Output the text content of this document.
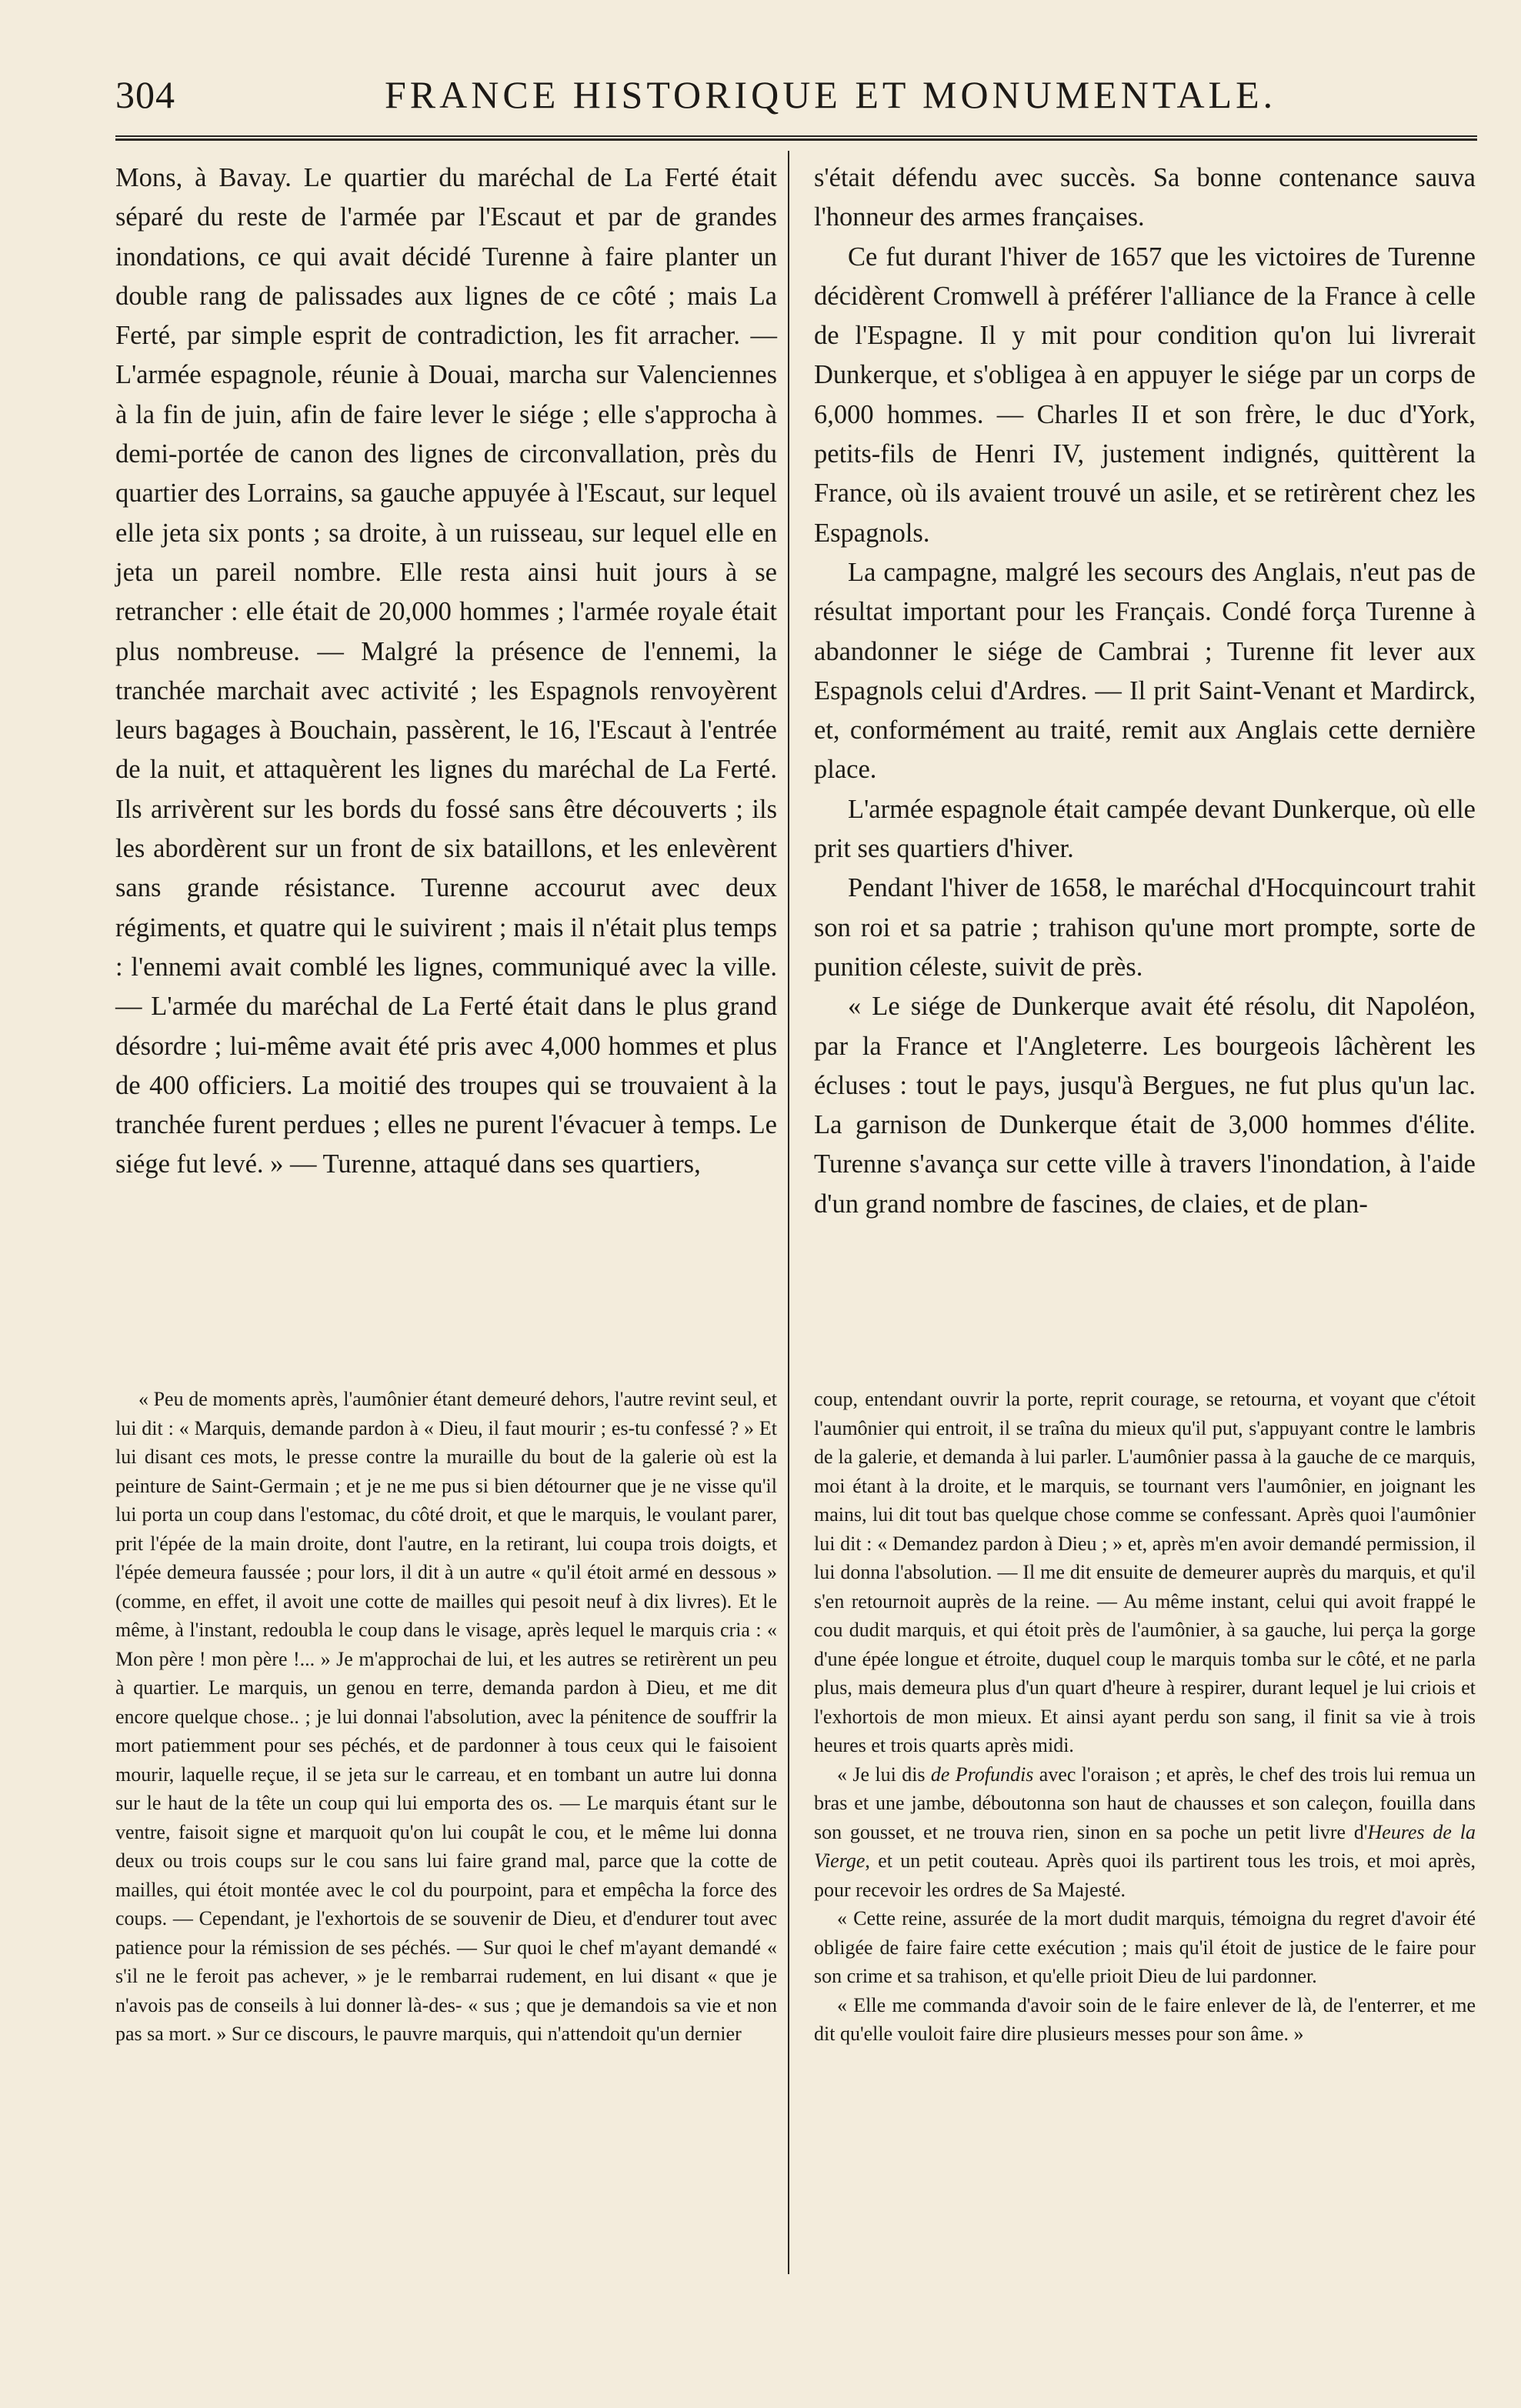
304	FRANCE HISTORIQUE ET MONUMENTALE.

Mons, à Bavay. Le quartier du maréchal de La Ferté était séparé du reste de l'armée par l'Escaut et par de grandes inondations, ce qui avait décidé Turenne à faire planter un double rang de palissades aux lignes de ce côté ; mais La Ferté, par simple esprit de contradiction, les fit arracher. — L'armée espagnole, réunie à Douai, marcha sur Valenciennes à la fin de juin, afin de faire lever le siége ; elle s'approcha à demi-portée de canon des lignes de circonvallation, près du quartier des Lorrains, sa gauche appuyée à l'Escaut, sur lequel elle jeta six ponts ; sa droite, à un ruisseau, sur lequel elle en jeta un pareil nombre. Elle resta ainsi huit jours à se retrancher : elle était de 20,000 hommes ; l'armée royale était plus nombreuse. — Malgré la présence de l'ennemi, la tranchée marchait avec activité ; les Espagnols renvoyèrent leurs bagages à Bouchain, passèrent, le 16, l'Escaut à l'entrée de la nuit, et attaquèrent les lignes du maréchal de La Ferté. Ils arrivèrent sur les bords du fossé sans être découverts ; ils les abordèrent sur un front de six bataillons, et les enlevèrent sans grande résistance. Turenne accourut avec deux régiments, et quatre qui le suivirent ; mais il n'était plus temps : l'ennemi avait comblé les lignes, communiqué avec la ville. — L'armée du maréchal de La Ferté était dans le plus grand désordre ; lui-même avait été pris avec 4,000 hommes et plus de 400 officiers. La moitié des troupes qui se trouvaient à la tranchée furent perdues ; elles ne purent l'évacuer à temps. Le siége fut levé. » — Turenne, attaqué dans ses quartiers,

s'était défendu avec succès. Sa bonne contenance sauva l'honneur des armes françaises.

Ce fut durant l'hiver de 1657 que les victoires de Turenne décidèrent Cromwell à préférer l'alliance de la France à celle de l'Espagne. Il y mit pour condition qu'on lui livrerait Dunkerque, et s'obligea à en appuyer le siége par un corps de 6,000 hommes. — Charles II et son frère, le duc d'York, petits-fils de Henri IV, justement indignés, quittèrent la France, où ils avaient trouvé un asile, et se retirèrent chez les Espagnols.

La campagne, malgré les secours des Anglais, n'eut pas de résultat important pour les Français. Condé força Turenne à abandonner le siége de Cambrai ; Turenne fit lever aux Espagnols celui d'Ardres. — Il prit Saint-Venant et Mardirck, et, conformément au traité, remit aux Anglais cette dernière place.

L'armée espagnole était campée devant Dunkerque, où elle prit ses quartiers d'hiver.

Pendant l'hiver de 1658, le maréchal d'Hocquincourt trahit son roi et sa patrie ; trahison qu'une mort prompte, sorte de punition céleste, suivit de près.

« Le siége de Dunkerque avait été résolu, dit Napoléon, par la France et l'Angleterre. Les bourgeois lâchèrent les écluses : tout le pays, jusqu'à Bergues, ne fut plus qu'un lac. La garnison de Dunkerque était de 3,000 hommes d'élite. Turenne s'avança sur cette ville à travers l'inondation, à l'aide d'un grand nombre de fascines, de claies, et de plan-

« Peu de moments après, l'aumônier étant demeuré dehors, l'autre revint seul, et lui dit : « Marquis, demande pardon à « Dieu, il faut mourir ; es-tu confessé ? » Et lui disant ces mots, le presse contre la muraille du bout de la galerie où est la peinture de Saint-Germain ; et je ne me pus si bien détourner que je ne visse qu'il lui porta un coup dans l'estomac, du côté droit, et que le marquis, le voulant parer, prit l'épée de la main droite, dont l'autre, en la retirant, lui coupa trois doigts, et l'épée demeura faussée ; pour lors, il dit à un autre « qu'il étoit armé en dessous » (comme, en effet, il avoit une cotte de mailles qui pesoit neuf à dix livres). Et le même, à l'instant, redoubla le coup dans le visage, après lequel le marquis cria : « Mon père ! mon père !... » Je m'approchai de lui, et les autres se retirèrent un peu à quartier. Le marquis, un genou en terre, demanda pardon à Dieu, et me dit encore quelque chose.. ; je lui donnai l'absolution, avec la pénitence de souffrir la mort patiemment pour ses péchés, et de pardonner à tous ceux qui le faisoient mourir, laquelle reçue, il se jeta sur le carreau, et en tombant un autre lui donna sur le haut de la tête un coup qui lui emporta des os. — Le marquis étant sur le ventre, faisoit signe et marquoit qu'on lui coupât le cou, et le même lui donna deux ou trois coups sur le cou sans lui faire grand mal, parce que la cotte de mailles, qui étoit montée avec le col du pourpoint, para et empêcha la force des coups. — Cependant, je l'exhortois de se souvenir de Dieu, et d'endurer tout avec patience pour la rémission de ses péchés. — Sur quoi le chef m'ayant demandé « s'il ne le feroit pas achever, » je le rembarrai rudement, en lui disant « que je n'avois pas de conseils à lui donner là-des- « sus ; que je demandois sa vie et non pas sa mort. » Sur ce discours, le pauvre marquis, qui n'attendoit qu'un dernier

coup, entendant ouvrir la porte, reprit courage, se retourna, et voyant que c'étoit l'aumônier qui entroit, il se traîna du mieux qu'il put, s'appuyant contre le lambris de la galerie, et demanda à lui parler. L'aumônier passa à la gauche de ce marquis, moi étant à la droite, et le marquis, se tournant vers l'aumônier, en joignant les mains, lui dit tout bas quelque chose comme se confessant. Après quoi l'aumônier lui dit : « Demandez pardon à Dieu ; » et, après m'en avoir demandé permission, il lui donna l'absolution. — Il me dit ensuite de demeurer auprès du marquis, et qu'il s'en retournoit auprès de la reine. — Au même instant, celui qui avoit frappé le cou dudit marquis, et qui étoit près de l'aumônier, à sa gauche, lui perça la gorge d'une épée longue et étroite, duquel coup le marquis tomba sur le côté, et ne parla plus, mais demeura plus d'un quart d'heure à respirer, durant lequel je lui criois et l'exhortois de mon mieux. Et ainsi ayant perdu son sang, il finit sa vie à trois heures et trois quarts après midi.

« Je lui dis de Profundis avec l'oraison ; et après, le chef des trois lui remua un bras et une jambe, déboutonna son haut de chausses et son caleçon, fouilla dans son gousset, et ne trouva rien, sinon en sa poche un petit livre d'Heures de la Vierge, et un petit couteau. Après quoi ils partirent tous les trois, et moi après, pour recevoir les ordres de Sa Majesté.

« Cette reine, assurée de la mort dudit marquis, témoigna du regret d'avoir été obligée de faire faire cette exécution ; mais qu'il étoit de justice de le faire pour son crime et sa trahison, et qu'elle prioit Dieu de lui pardonner.

« Elle me commanda d'avoir soin de le faire enlever de là, de l'enterrer, et me dit qu'elle vouloit faire dire plusieurs messes pour son âme. »
